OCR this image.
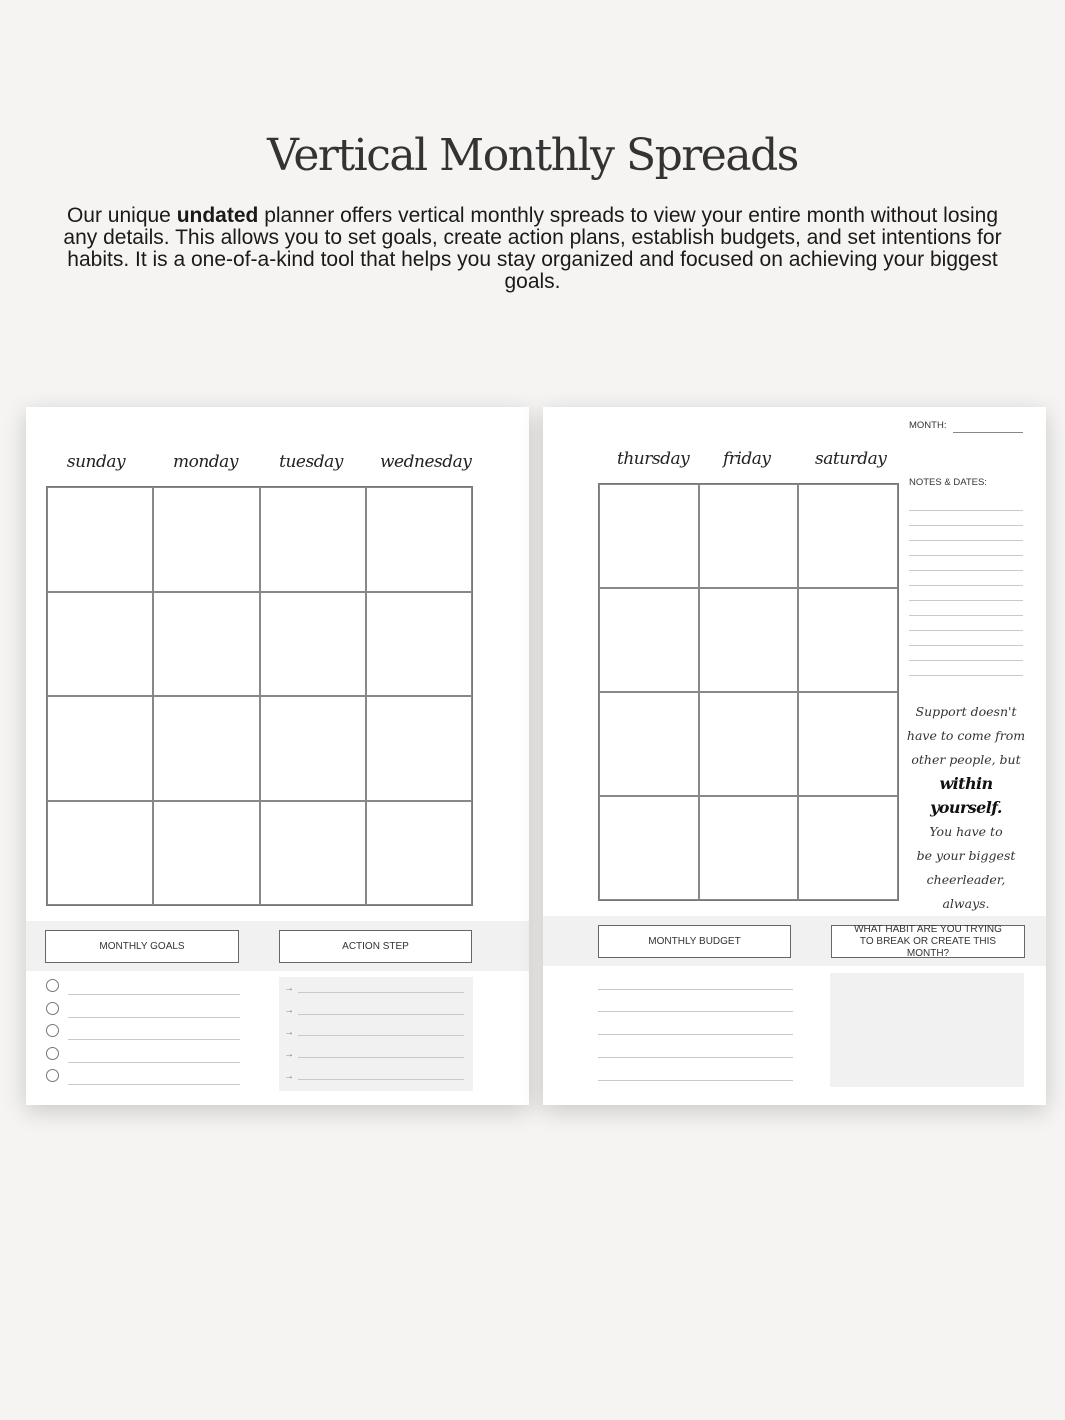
Vertical Monthly Spreads
Our unique undated planner offers vertical monthly spreads to view your entire month without losing any details. This allows you to set goals, create action plans, establish budgets, and set intentions for habits. It is a one-of-a-kind tool that helps you stay organized and focused on achieving your biggest goals.
sunday	monday tuesday wednesday
MONTHLY GOALS	ACTION STEP
→
→
→
→
→
MONTH:
thursday friday	saturday
NOTES & DATES:
Support doesn't
have to come from
other people, but
within yourself.
You have to
be your biggest
cheerleader, always.
MONTHLY BUDGET
WHAT HABIT ARE YOU TRYING TO BREAK OR CREATE THIS MONTH?
